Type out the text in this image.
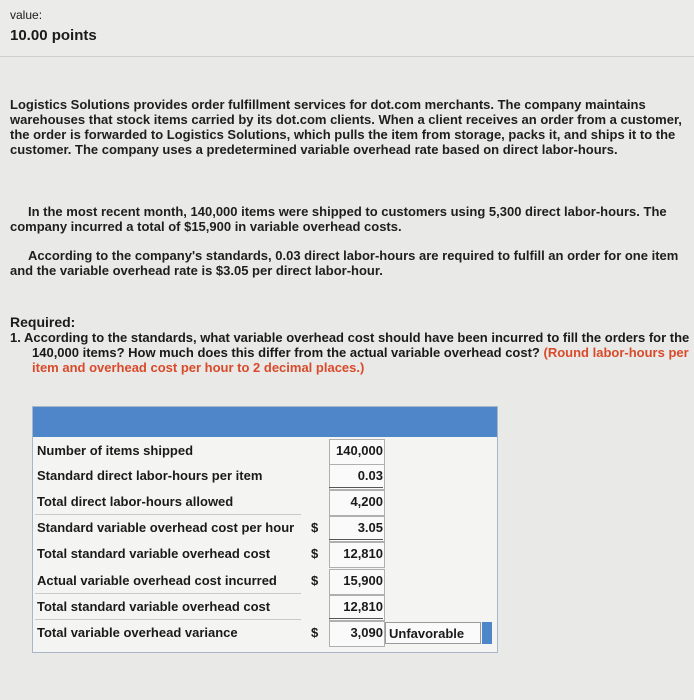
value:
10.00 points
Logistics Solutions provides order fulfillment services for dot.com merchants. The company maintains warehouses that stock items carried by its dot.com clients. When a client receives an order from a customer, the order is forwarded to Logistics Solutions, which pulls the item from storage, packs it, and ships it to the customer. The company uses a predetermined variable overhead rate based on direct labor-hours.
In the most recent month, 140,000 items were shipped to customers using 5,300 direct labor-hours. The company incurred a total of $15,900 in variable overhead costs.
According to the company's standards, 0.03 direct labor-hours are required to fulfill an order for one item and the variable overhead rate is $3.05 per direct labor-hour.
Required:
1. According to the standards, what variable overhead cost should have been incurred to fill the orders for the 140,000 items? How much does this differ from the actual variable overhead cost? (Round labor-hours per item and overhead cost per hour to 2 decimal places.)
Number of items shipped	140,000
Standard direct labor-hours per item	0.03
Total direct labor-hours allowed	4,200
Standard variable overhead cost per hour $	3.05
Total standard variable overhead cost	$	12,810
Actual variable overhead cost incurred	$	15,900
Total standard variable overhead cost	12,810
Total variable overhead variance	$	3,090 Unfavorable
